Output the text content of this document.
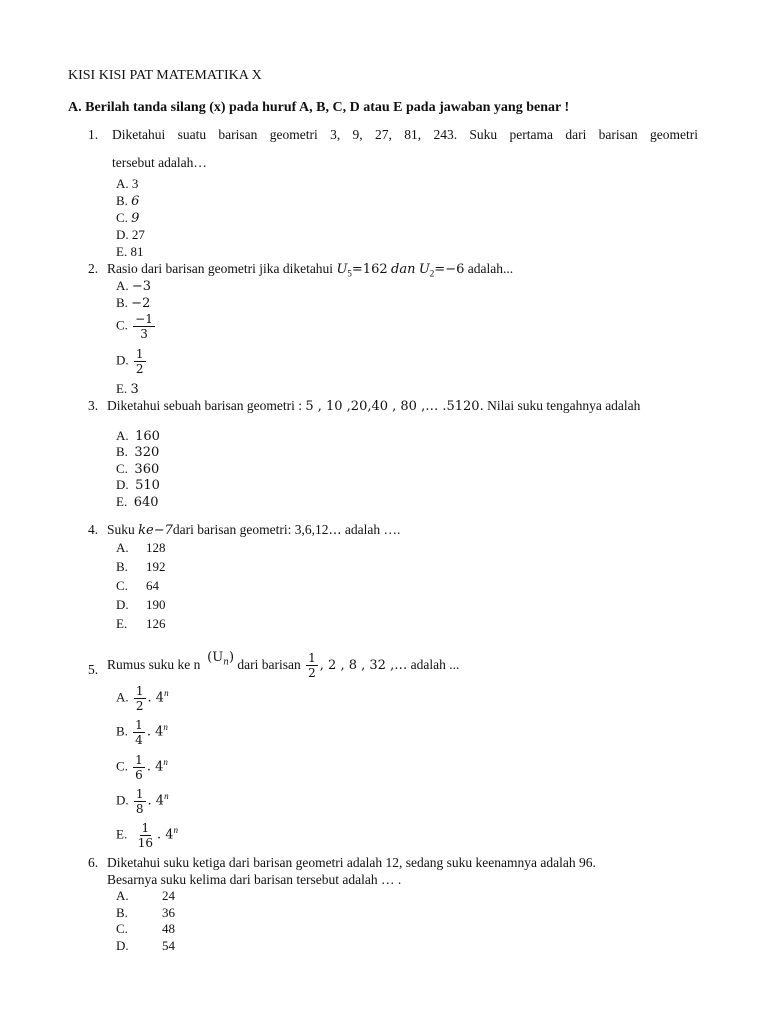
KISI KISI PAT MATEMATIKA X
A. Berilah tanda silang (x) pada huruf A, B, C, D atau E pada jawaban yang benar !
1. Diketahui suatu barisan geometri 3, 9, 27, 81, 243. Suku pertama dari barisan geometri
tersebut adalah…
A. 3
B. 6
C. 9
D. 27
E. 81
2. Rasio dari barisan geometri jika diketahui $U_5=162$ dan $U_2=-6$ adalah...
A. −3
B. −2
C. $\frac{-1}{3}$
D. $\frac{1}{2}$
E. 3
3. Diketahui sebuah barisan geometri : 5 , 10 ,20,40 , 80 ,… .5120. Nilai suku tengahnya adalah
A. 160
B. 320
C. 360
D. 510
E. 640
4. Suku ke−7dari barisan geometri: 3,6,12… adalah ….
A. 128
B. 192
C. 64
D. 190
E. 126
5. Rumus suku ke n
$(U_n)$
dari barisan
$\frac{1}{2}$ , 2 , 8 , 32 ,…
adalah ...
A. $\frac{1}{2}$ . 4$^n$
B. $\frac{1}{4}$ . 4$^n$
C. $\frac{1}{6}$ . 4$^n$
D. $\frac{1}{8}$ . 4$^n$
E. $\frac{1}{16}$ . 4$^n$
6. Diketahui suku ketiga dari barisan geometri adalah 12, sedang suku keenamnya adalah 96.
Besarnya suku kelima dari barisan tersebut adalah … .
A.	24
B.	36
C.	48
D.	54
